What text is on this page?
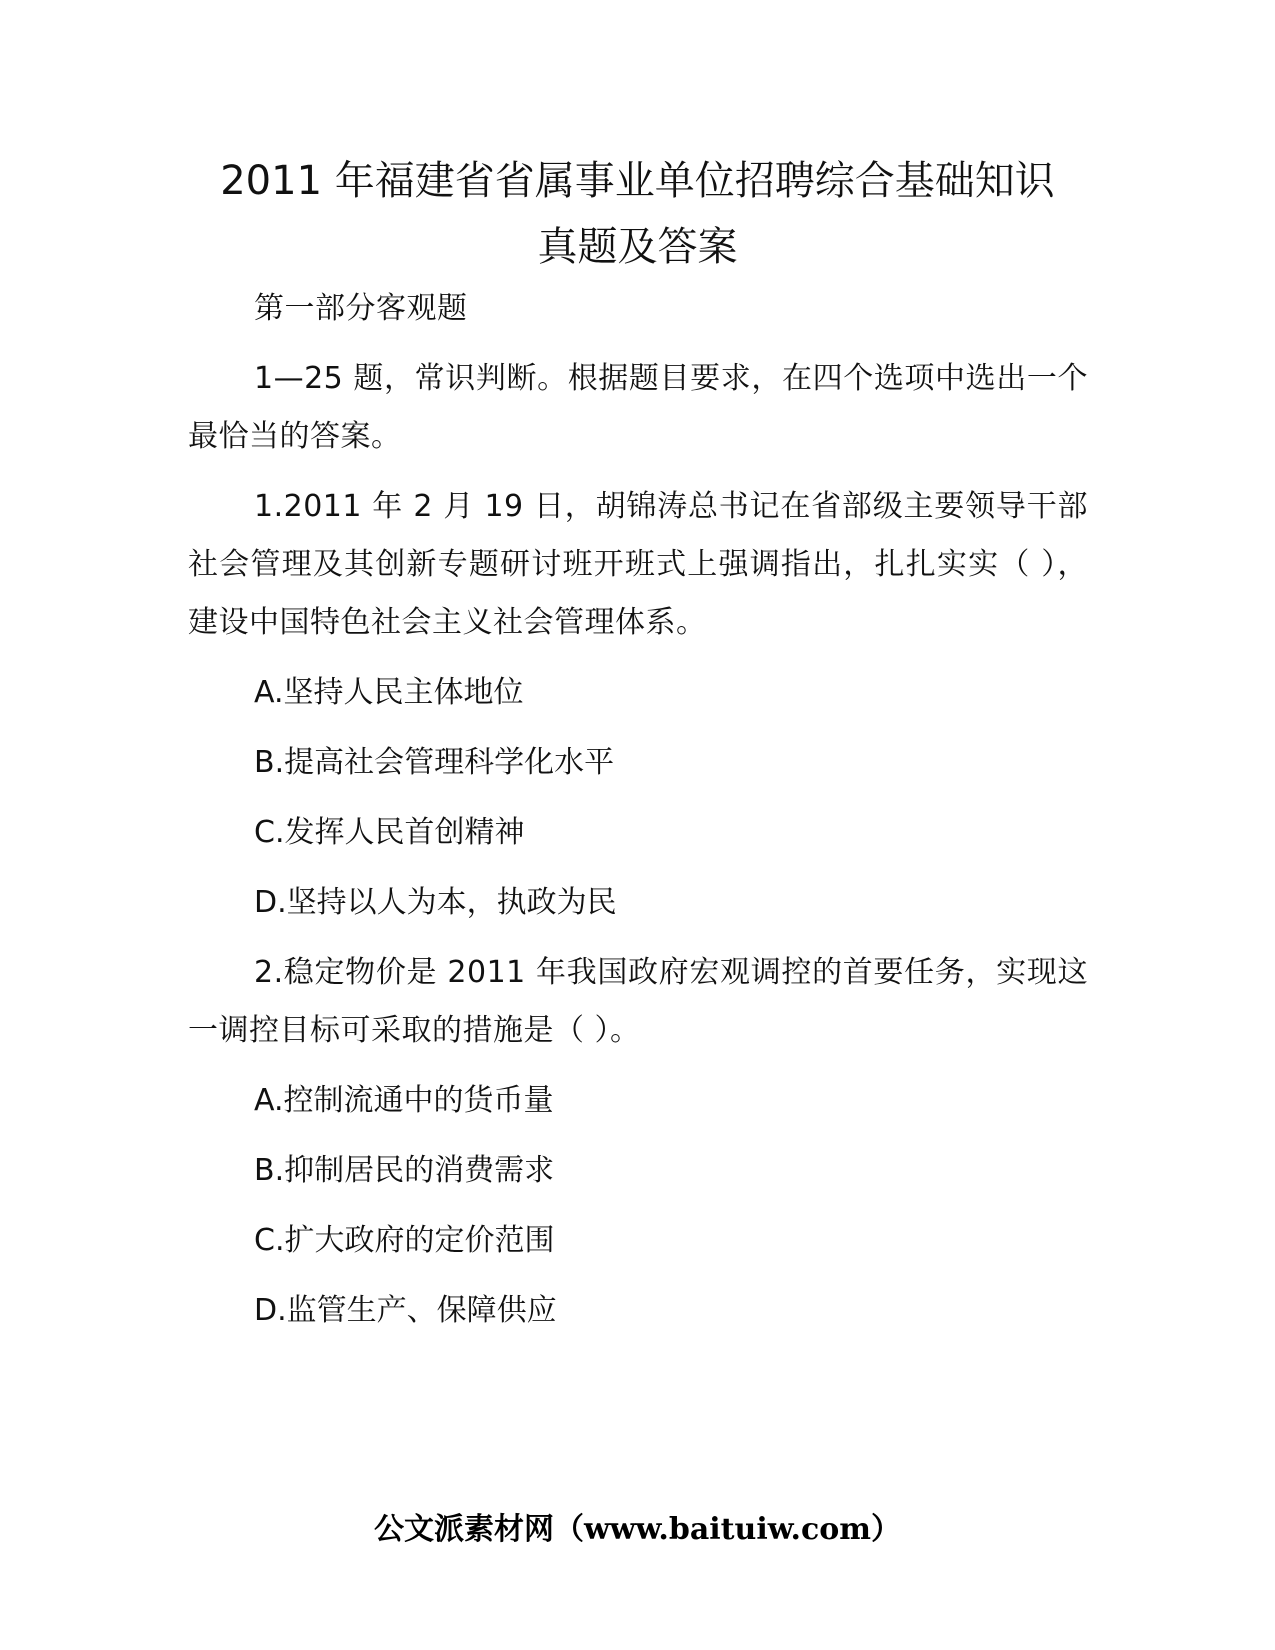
2011 年福建省省属事业单位招聘综合基础知识
真题及答案

第一部分客观题

1—25 题，常识判断。根据题目要求，在四个选项中选出一个最恰当的答案。

1.2011 年 2 月 19 日，胡锦涛总书记在省部级主要领导干部社会管理及其创新专题研讨班开班式上强调指出，扎扎实实（ ），建设中国特色社会主义社会管理体系。

A.坚持人民主体地位

B.提高社会管理科学化水平

C.发挥人民首创精神

D.坚持以人为本，执政为民

2.稳定物价是 2011 年我国政府宏观调控的首要任务，实现这一调控目标可采取的措施是（ ）。

A.控制流通中的货币量

B.抑制居民的消费需求

C.扩大政府的定价范围

D.监管生产、保障供应

公文派素材网（www.baituiw.com）
